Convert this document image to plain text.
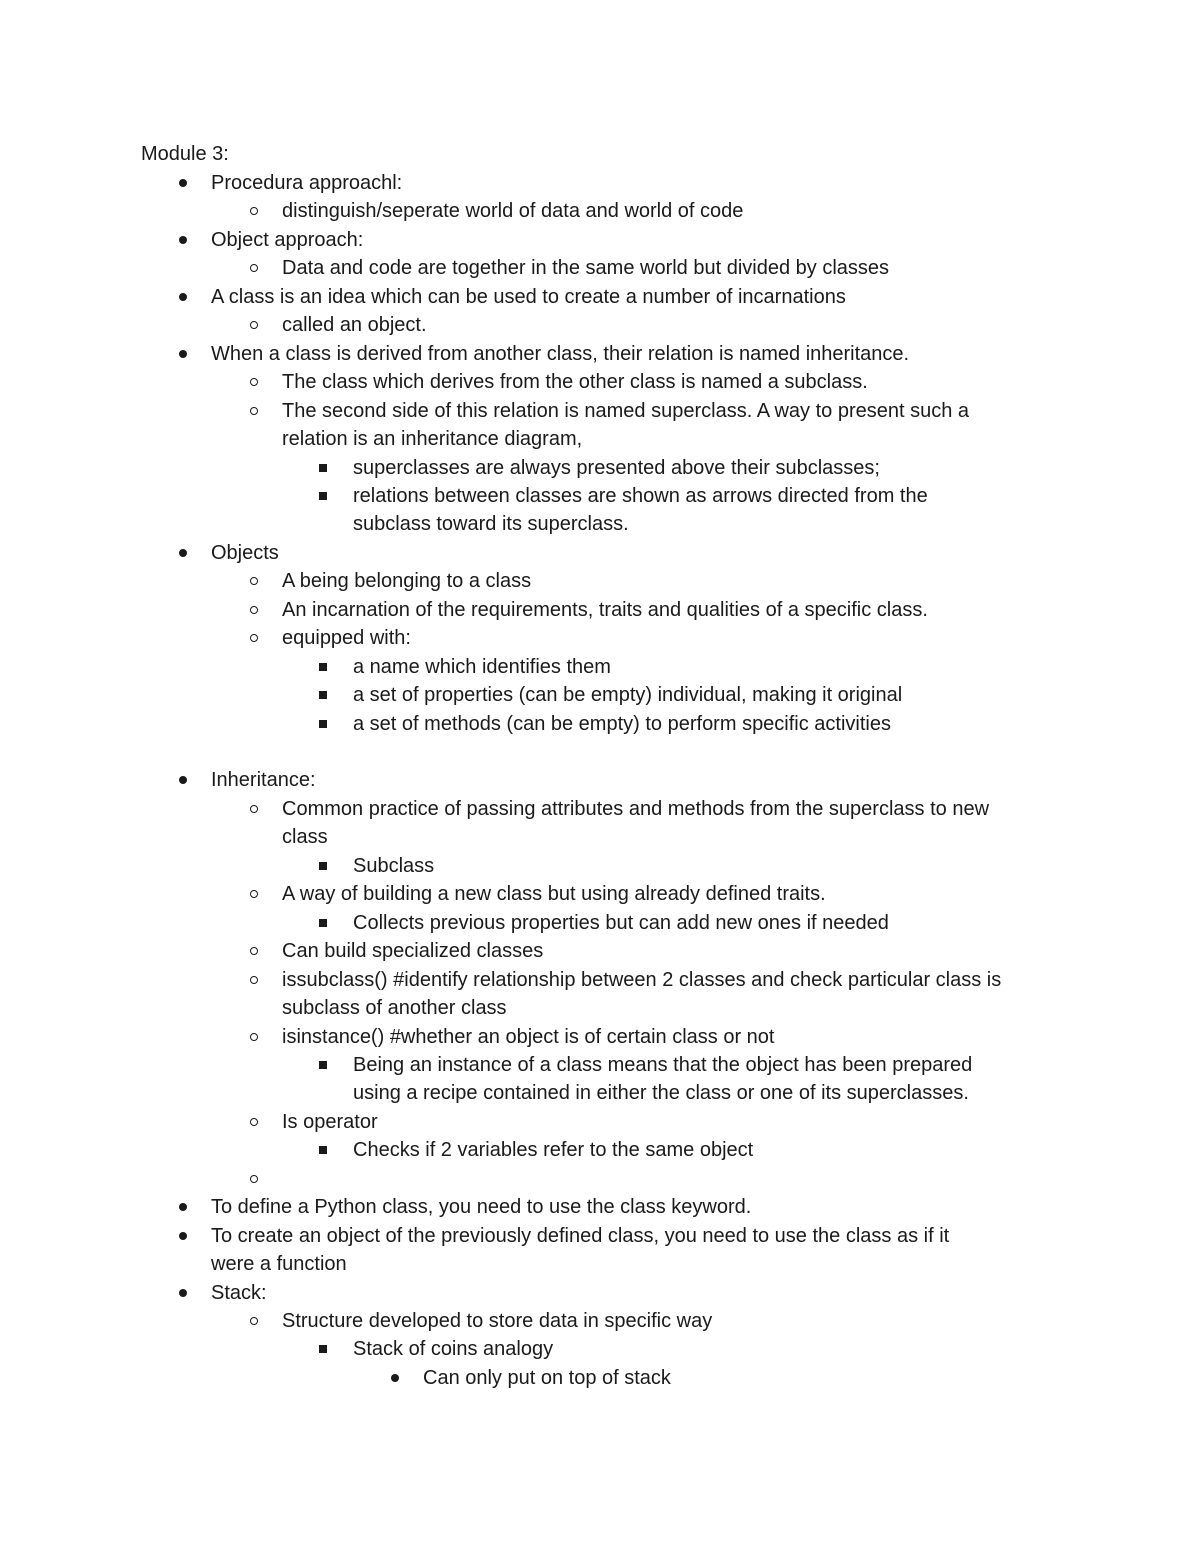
Module 3:
Procedura approachl:
distinguish/seperate world of data and world of code
Object approach:
Data and code are together in the same world but divided by classes
A class is an idea which can be used to create a number of incarnations
called an object.
When a class is derived from another class, their relation is named inheritance.
The class which derives from the other class is named a subclass.
The second side of this relation is named superclass. A way to present such a
relation is an inheritance diagram,
superclasses are always presented above their subclasses;
relations between classes are shown as arrows directed from the
subclass toward its superclass.
Objects
A being belonging to a class
An incarnation of the requirements, traits and qualities of a specific class.
equipped with:
a name which identifies them
a set of properties (can be empty) individual, making it original
a set of methods (can be empty) to perform specific activities
Inheritance:
Common practice of passing attributes and methods from the superclass to new
class
Subclass
A way of building a new class but using already defined traits.
Collects previous properties but can add new ones if needed
Can build specialized classes
issubclass() #identify relationship between 2 classes and check particular class is
subclass of another class
isinstance() #whether an object is of certain class or not
Being an instance of a class means that the object has been prepared
using a recipe contained in either the class or one of its superclasses.
Is operator
Checks if 2 variables refer to the same object
To define a Python class, you need to use the class keyword.
To create an object of the previously defined class, you need to use the class as if it
were a function
Stack:
Structure developed to store data in specific way
Stack of coins analogy
Can only put on top of stack
